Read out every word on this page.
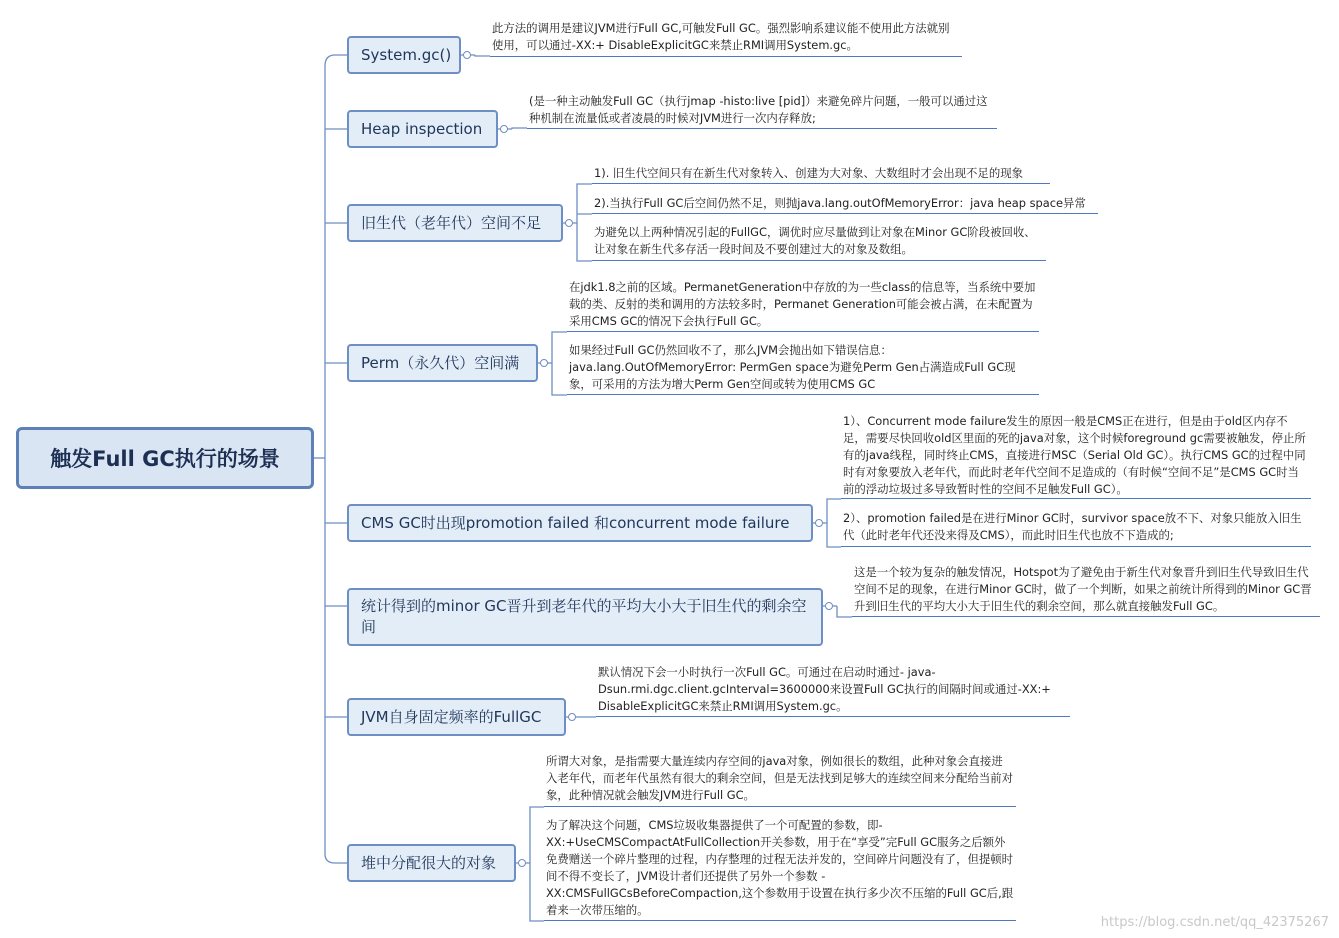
触发Full GC执行的场景
System.gc()
此方法的调用是建议JVM进行Full GC,可触发Full GC。强烈影响系建议能不使用此方法就别使用，可以通过-XX:+ DisableExplicitGC来禁止RMI调用System.gc。
Heap inspection
(是一种主动触发Full GC（执行jmap -histo:live [pid]）来避免碎片问题，一般可以通过这种机制在流量低或者凌晨的时候对JVM进行一次内存释放;
旧生代（老年代）空间不足
1). 旧生代空间只有在新生代对象转入、创建为大对象、大数组时才会出现不足的现象
2).当执行Full GC后空间仍然不足，则抛java.lang.outOfMemoryError：java heap space异常
为避免以上两种情况引起的FullGC，调优时应尽量做到让对象在Minor GC阶段被回收、让对象在新生代多存活一段时间及不要创建过大的对象及数组。
Perm（永久代）空间满
在jdk1.8之前的区域。PermanetGeneration中存放的为一些class的信息等，当系统中要加载的类、反射的类和调用的方法较多时，Permanet Generation可能会被占满，在未配置为采用CMS GC的情况下会执行Full GC。
如果经过Full GC仍然回收不了，那么JVM会抛出如下错误信息：java.lang.OutOfMemoryError: PermGen space为避免Perm Gen占满造成Full GC现象，可采用的方法为增大Perm Gen空间或转为使用CMS GC
CMS GC时出现promotion failed 和concurrent mode failure
1）、Concurrent mode failure发生的原因一般是CMS正在进行，但是由于old区内存不足，需要尽快回收old区里面的死的java对象，这个时候foreground gc需要被触发，停止所有的java线程，同时终止CMS，直接进行MSC（Serial Old GC）。执行CMS GC的过程中同时有对象要放入老年代，而此时老年代空间不足造成的（有时候“空间不足”是CMS GC时当前的浮动垃圾过多导致暂时性的空间不足触发Full GC）。
2）、promotion failed是在进行Minor GC时，survivor space放不下、对象只能放入旧生代（此时老年代还没来得及CMS），而此时旧生代也放不下造成的;
统计得到的minor GC晋升到老年代的平均大小大于旧生代的剩余空间
这是一个较为复杂的触发情况，Hotspot为了避免由于新生代对象晋升到旧生代导致旧生代空间不足的现象，在进行Minor GC时，做了一个判断，如果之前统计所得到的Minor GC晋升到旧生代的平均大小大于旧生代的剩余空间，那么就直接触发Full GC。
JVM自身固定频率的FullGC
默认情况下会一小时执行一次Full GC。可通过在启动时通过- java-Dsun.rmi.dgc.client.gcInterval=3600000来设置Full GC执行的间隔时间或通过-XX:+ DisableExplicitGC来禁止RMI调用System.gc。
堆中分配很大的对象
所谓大对象，是指需要大量连续内存空间的java对象，例如很长的数组，此种对象会直接进入老年代，而老年代虽然有很大的剩余空间，但是无法找到足够大的连续空间来分配给当前对象，此种情况就会触发JVM进行Full GC。
为了解决这个问题，CMS垃圾收集器提供了一个可配置的参数，即-XX:+UseCMSCompactAtFullCollection开关参数，用于在“享受”完Full GC服务之后额外免费赠送一个碎片整理的过程，内存整理的过程无法并发的，空间碎片问题没有了，但提顿时间不得不变长了，JVM设计者们还提供了另外一个参数 -XX:CMSFullGCsBeforeCompaction,这个参数用于设置在执行多少次不压缩的Full GC后,跟着来一次带压缩的。
https://blog.csdn.net/qq_42375267
